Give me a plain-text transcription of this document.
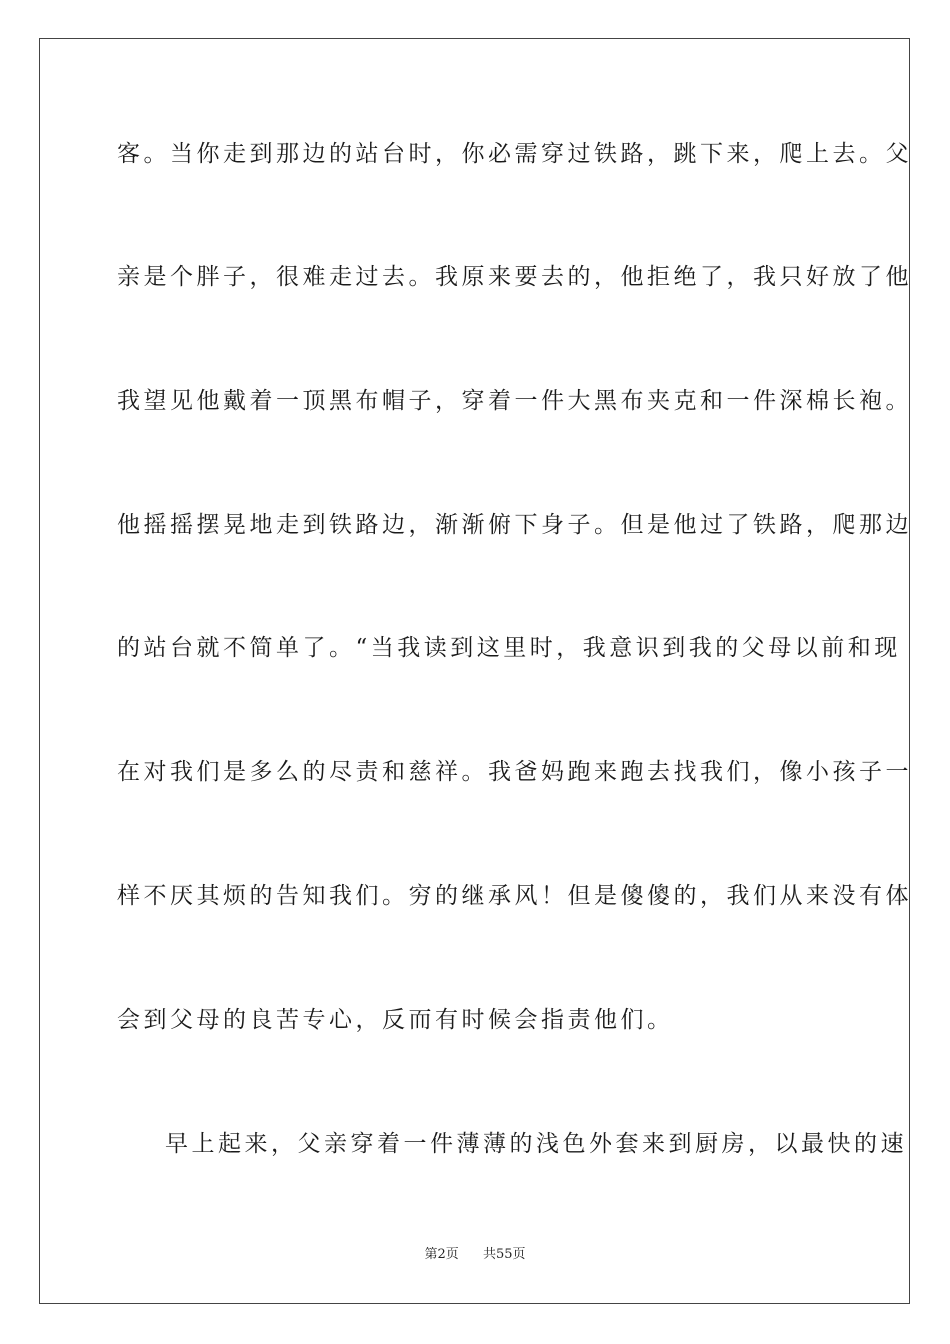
客。当你走到那边的站台时，你必需穿过铁路，跳下来，爬上去。父
亲是个胖子，很难走过去。我原来要去的，他拒绝了，我只好放了他
我望见他戴着一顶黑布帽子，穿着一件大黑布夹克和一件深棉长袍。
他摇摇摆晃地走到铁路边，渐渐俯下身子。但是他过了铁路，爬那边
的站台就不简单了。“当我读到这里时，我意识到我的父母以前和现
在对我们是多么的尽责和慈祥。我爸妈跑来跑去找我们，像小孩子一
样不厌其烦的告知我们。穷的继承风！但是傻傻的，我们从来没有体
会到父母的良苦专心，反而有时候会指责他们。
早上起来，父亲穿着一件薄薄的浅色外套来到厨房，以最快的速
第2页 共55页
